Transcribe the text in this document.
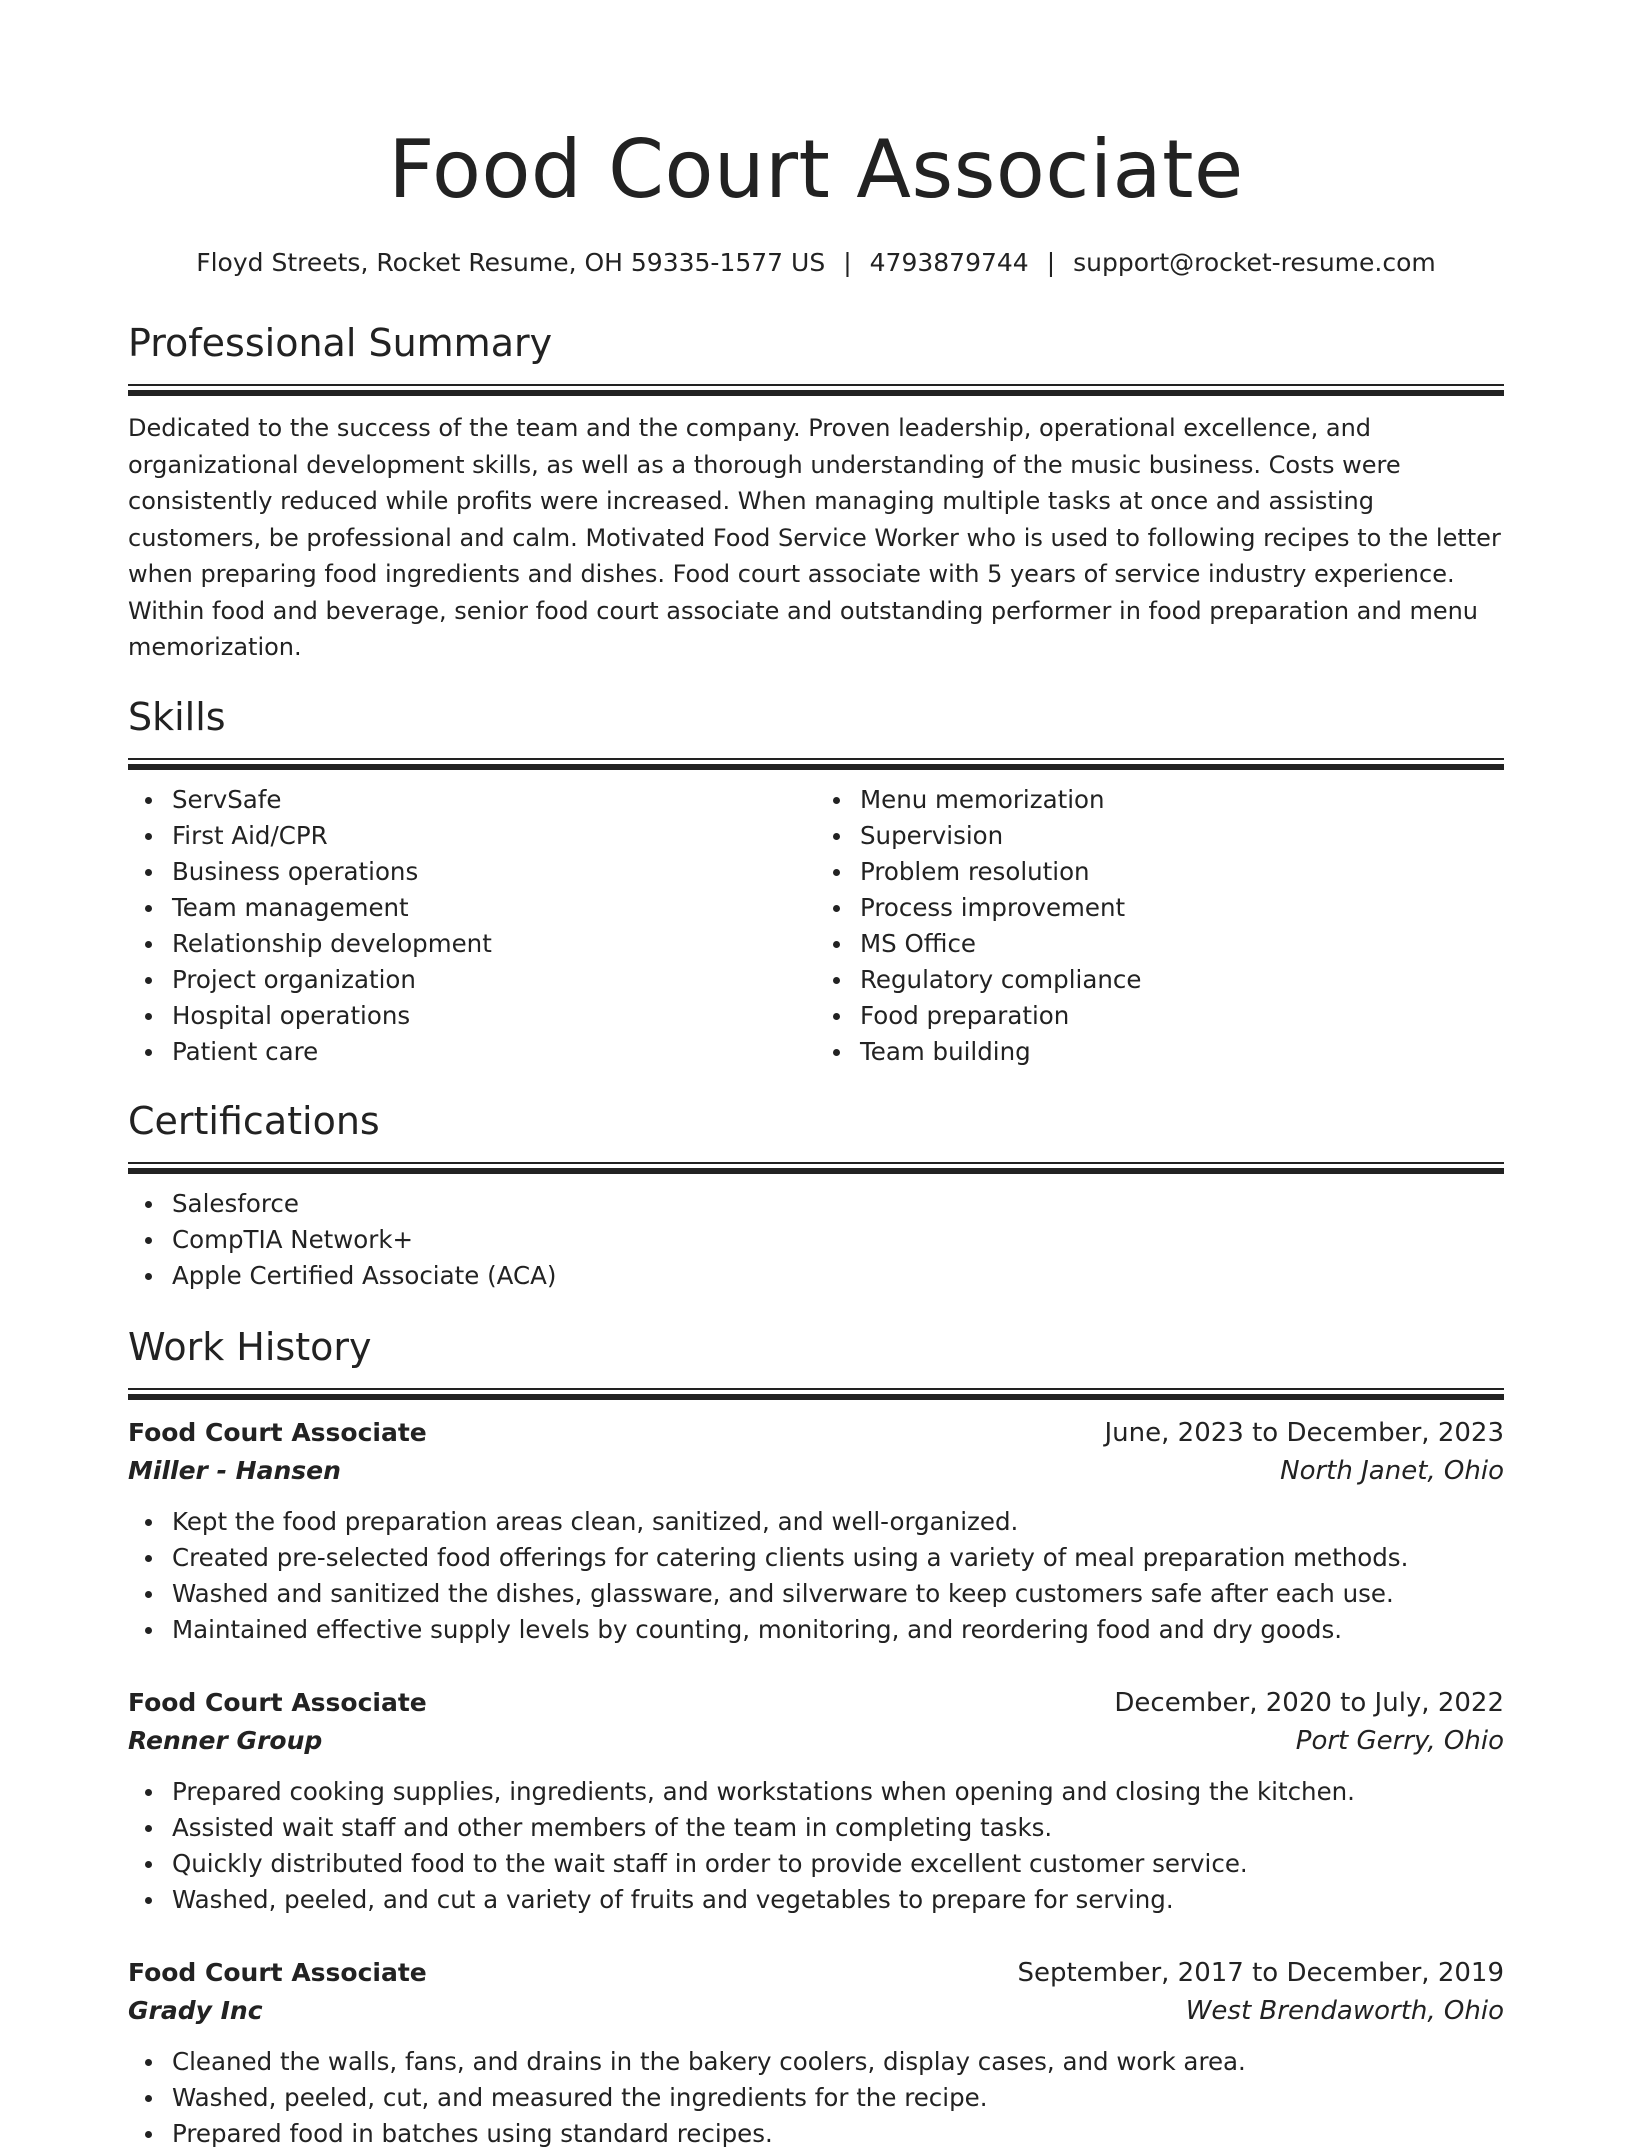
Food Court Associate
Floyd Streets, Rocket Resume, OH 59335-1577 US | 4793879744 | support@rocket-resume.com
Professional Summary

Dedicated to the success of the team and the company. Proven leadership, operational excellence, and organizational development skills, as well as a thorough understanding of the music business. Costs were consistently reduced while profits were increased. When managing multiple tasks at once and assisting customers, be professional and calm. Motivated Food Service Worker who is used to following recipes to the letter when preparing food ingredients and dishes. Food court associate with 5 years of service industry experience. Within food and beverage, senior food court associate and outstanding performer in food preparation and menu memorization.

Skills
ServSafe
First Aid/CPR
Business operations
Team management
Relationship development
Project organization
Hospital operations
Patient care
Menu memorization
Supervision
Problem resolution
Process improvement
MS Office
Regulatory compliance
Food preparation
Team building
Certifications
Salesforce
CompTIA Network+
Apple Certified Associate (ACA)
Work History
Food Court Associate	June, 2023 to December, 2023
Miller - Hansen	North Janet, Ohio
Kept the food preparation areas clean, sanitized, and well-organized.
Created pre-selected food offerings for catering clients using a variety of meal preparation methods.
Washed and sanitized the dishes, glassware, and silverware to keep customers safe after each use.
Maintained effective supply levels by counting, monitoring, and reordering food and dry goods.
Food Court Associate	December, 2020 to July, 2022
Renner Group	Port Gerry, Ohio
Prepared cooking supplies, ingredients, and workstations when opening and closing the kitchen.
Assisted wait staff and other members of the team in completing tasks.
Quickly distributed food to the wait staff in order to provide excellent customer service.
Washed, peeled, and cut a variety of fruits and vegetables to prepare for serving.
Food Court Associate	September, 2017 to December, 2019
Grady Inc	West Brendaworth, Ohio
Cleaned the walls, fans, and drains in the bakery coolers, display cases, and work area.
Washed, peeled, cut, and measured the ingredients for the recipe.
Prepared food in batches using standard recipes.
